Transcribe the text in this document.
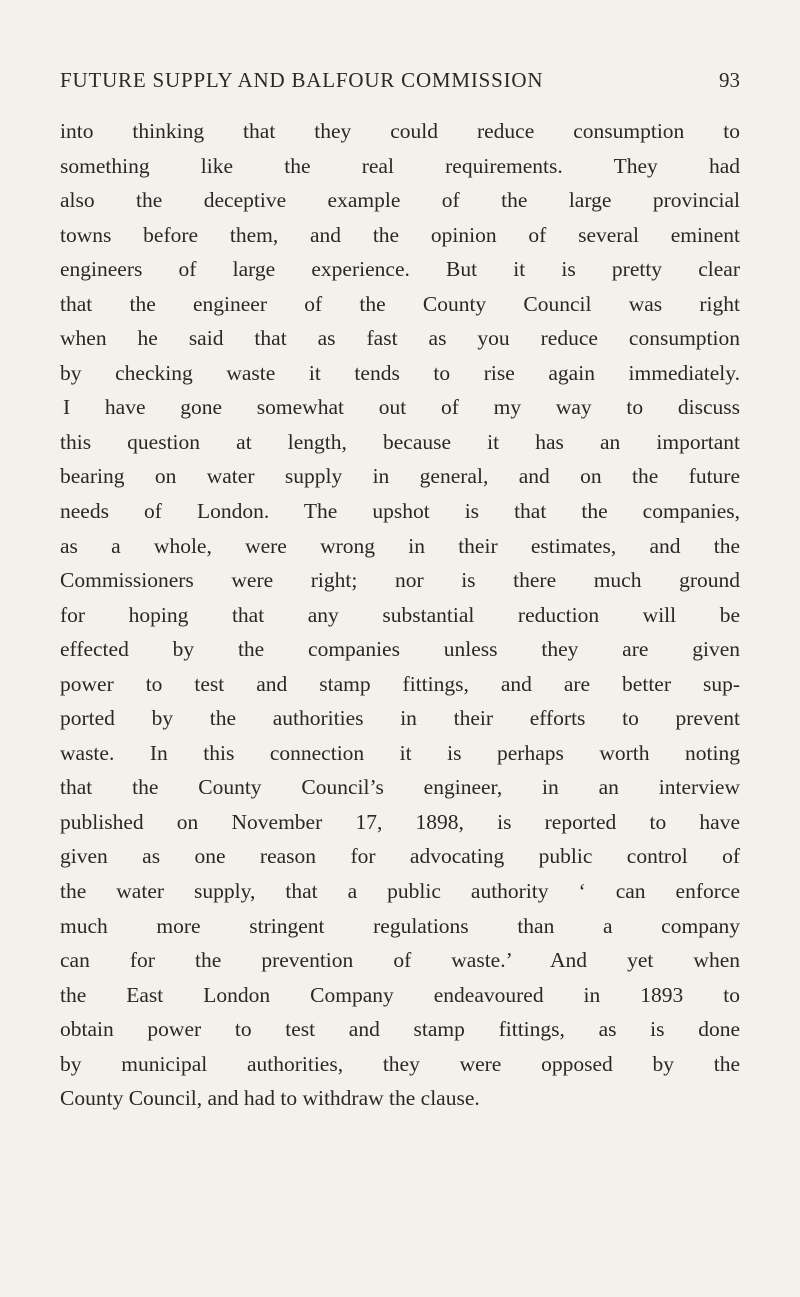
FUTURE SUPPLY AND BALFOUR COMMISSION	93
into thinking that they could reduce consumption to
something like the real requirements. They had
also the deceptive example of the large provincial
towns before them, and the opinion of several eminent
engineers of large experience. But it is pretty clear
that the engineer of the County Council was right
when he said that as fast as you reduce consumption
by checking waste it tends to rise again immediately.
I have gone somewhat out of my way to discuss
this question at length, because it has an important
bearing on water supply in general, and on the future
needs of London. The upshot is that the companies,
as a whole, were wrong in their estimates, and the
Commissioners were right; nor is there much ground
for hoping that any substantial reduction will be
effected by the companies unless they are given
power to test and stamp fittings, and are better sup-
ported by the authorities in their efforts to prevent
waste. In this connection it is perhaps worth noting
that the County Council’s engineer, in an interview
published on November 17, 1898, is reported to have
given as one reason for advocating public control of
the water supply, that a public authority ‘ can enforce
much more stringent regulations than a company
can for the prevention of waste.’ And yet when
the East London Company endeavoured in 1893 to
obtain power to test and stamp fittings, as is done
by municipal authorities, they were opposed by the
County Council, and had to withdraw the clause.
